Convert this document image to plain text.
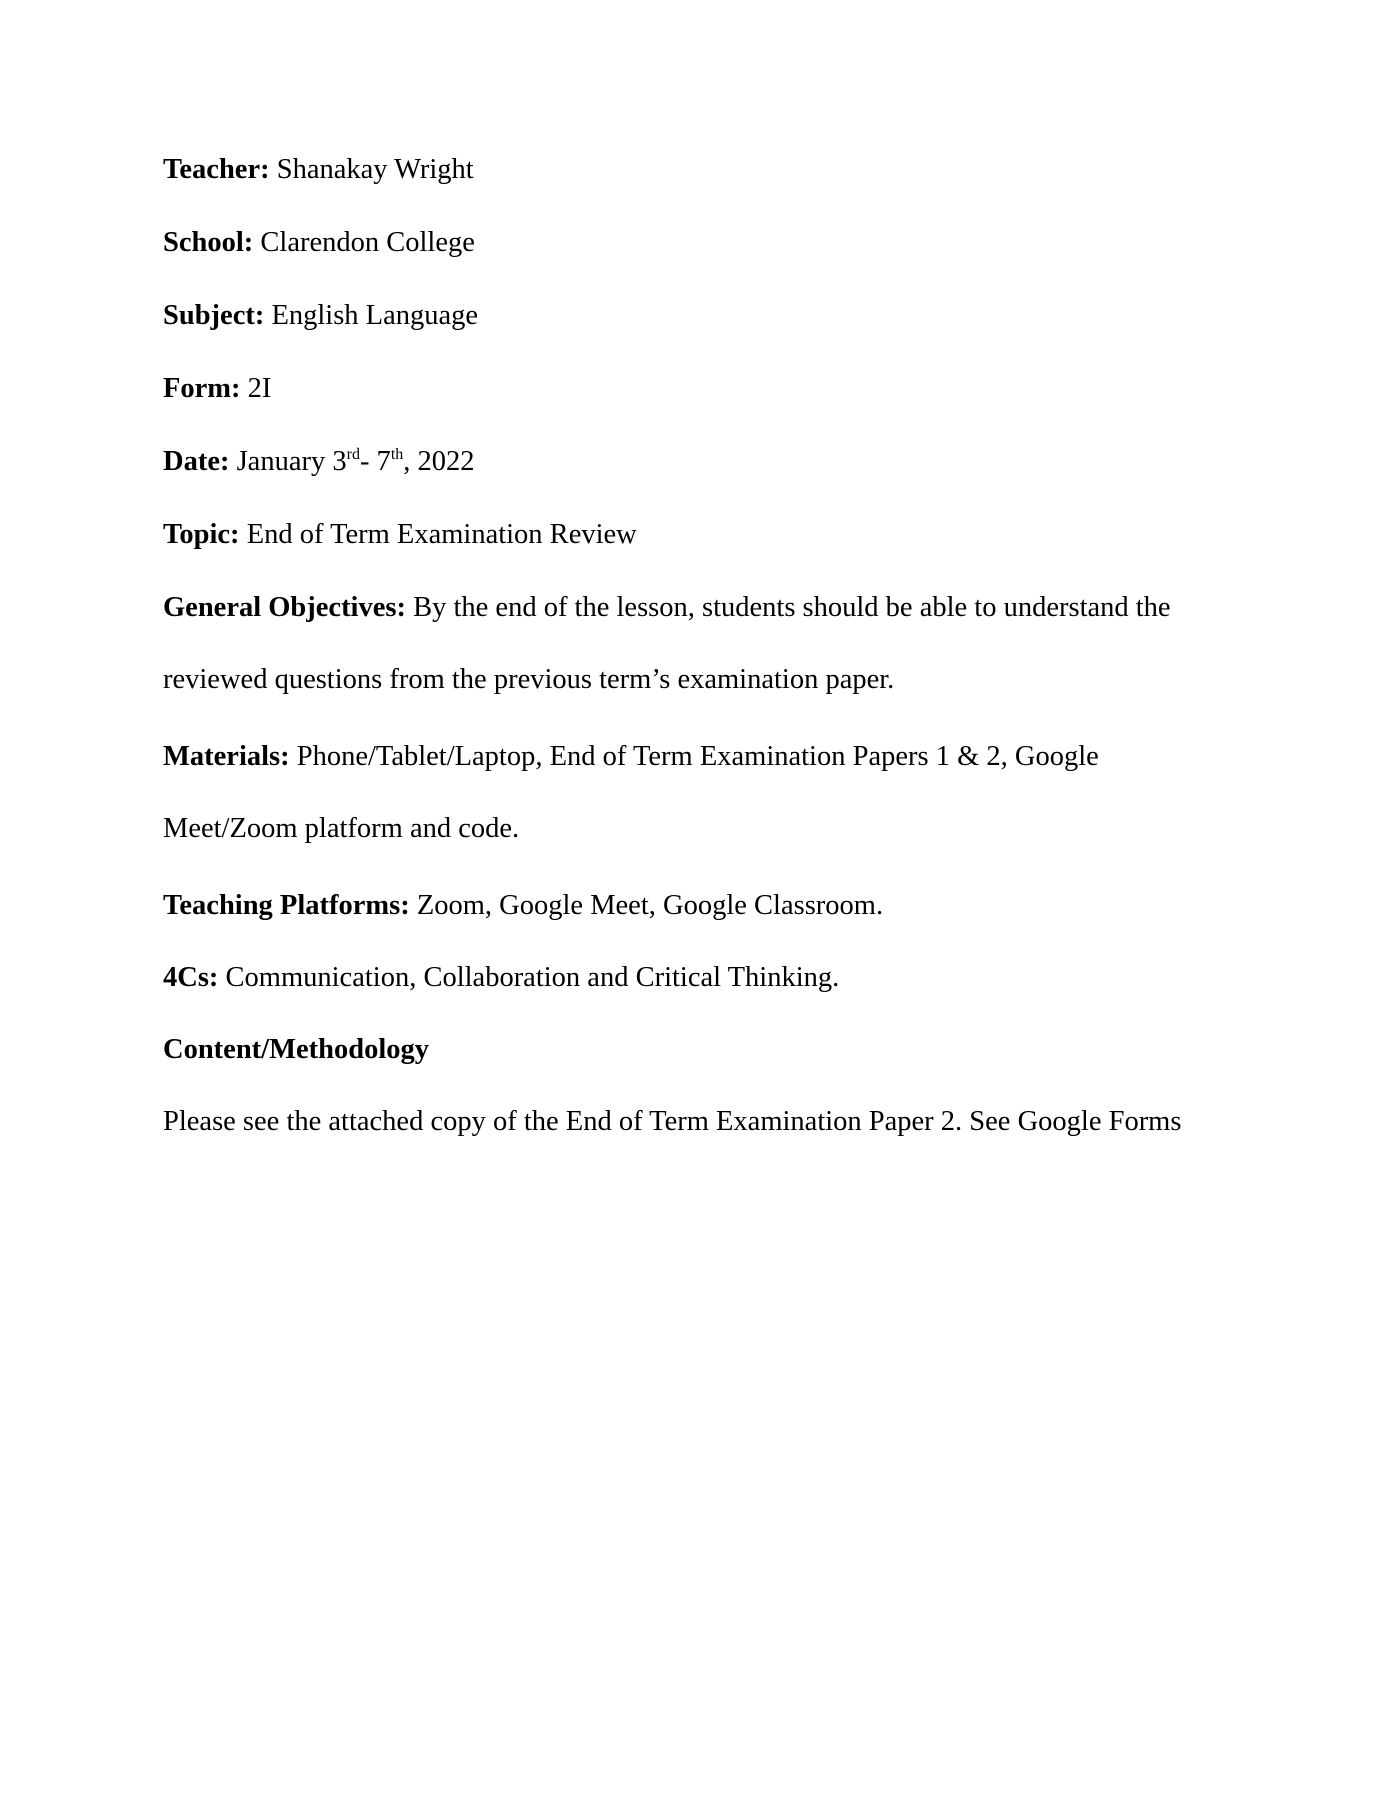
Teacher: Shanakay Wright

School: Clarendon College

Subject: English Language

Form: 2I

Date: January 3rd- 7th, 2022

Topic: End of Term Examination Review

General Objectives: By the end of the lesson, students should be able to understand the

reviewed questions from the previous term’s examination paper.

Materials: Phone/Tablet/Laptop, End of Term Examination Papers 1 & 2, Google

Meet/Zoom platform and code.

Teaching Platforms: Zoom, Google Meet, Google Classroom.

4Cs: Communication, Collaboration and Critical Thinking.

Content/Methodology

Please see the attached copy of the End of Term Examination Paper 2. See Google Forms
